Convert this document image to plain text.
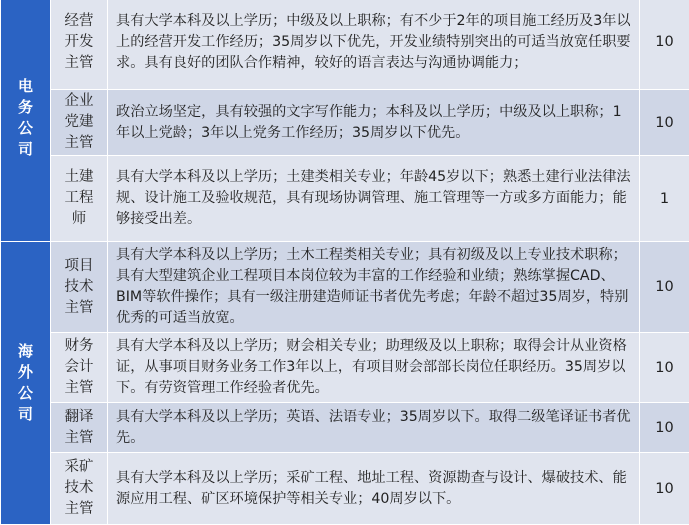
电务公司	经营开发主管	具有大学本科及以上学历；中级及以上职称；有不少于2年的项目施工经历及3年以上的经营开发工作经历；35周岁以下优先，开发业绩特别突出的可适当放宽任职要求。具有良好的团队合作精神，较好的语言表达与沟通协调能力；	10
	企业党建主管	政治立场坚定，具有较强的文字写作能力；本科及以上学历；中级及以上职称；1年以上党龄；3年以上党务工作经历；35周岁以下优先。	10
	土建工程师	具有大学本科及以上学历；土建类相关专业；年龄45岁以下；熟悉土建行业法律法规、设计施工及验收规范，具有现场协调管理、施工管理等一方或多方面能力；能够接受出差。	1
海外公司	项目技术主管	具有大学本科及以上学历；土木工程类相关专业；具有初级及以上专业技术职称；具有大型建筑企业工程项目本岗位较为丰富的工作经验和业绩；熟练掌握CAD、BIM等软件操作；具有一级注册建造师证书者优先考虑；年龄不超过35周岁，特别优秀的可适当放宽。	10
	财务会计主管	具有大学本科及以上学历；财会相关专业；助理级及以上职称；取得会计从业资格证，从事项目财务业务工作3年以上，有项目财会部部长岗位任职经历。35周岁以下。有劳资管理工作经验者优先。	10
	翻译主管	具有大学本科及以上学历；英语、法语专业；35周岁以下。取得二级笔译证书者优先。	10
	采矿技术主管	具有大学本科及以上学历；采矿工程、地址工程、资源勘查与设计、爆破技术、能源应用工程、矿区环境保护等相关专业；40周岁以下。	10
